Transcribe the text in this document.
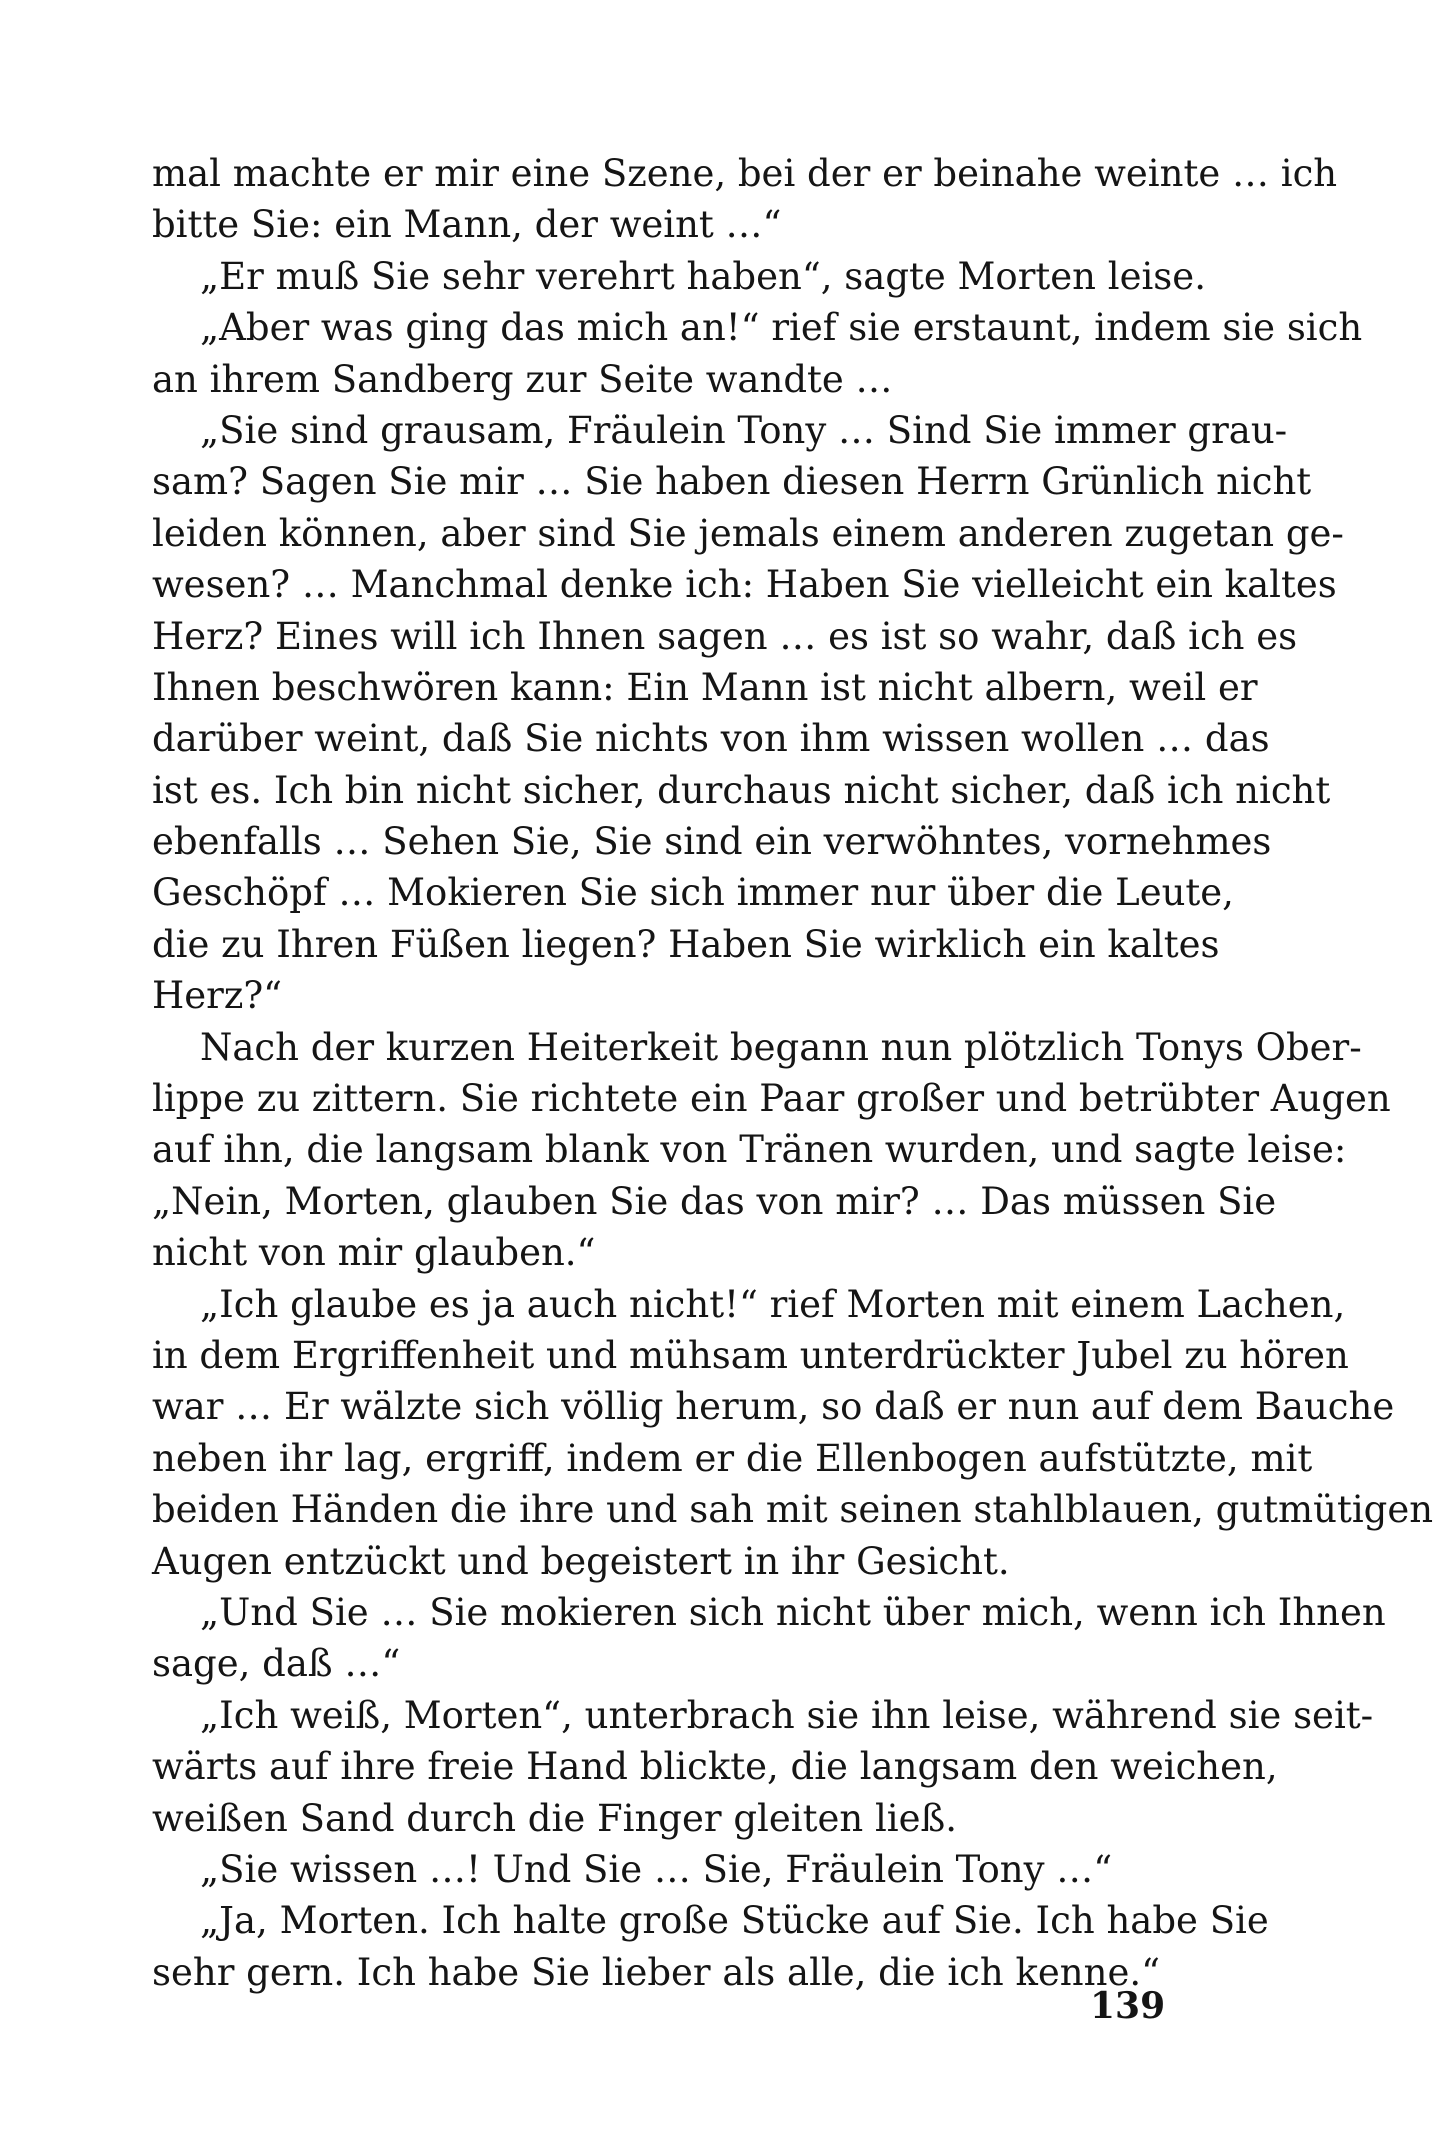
mal machte er mir eine Szene, bei der er beinahe weinte … ich
bitte Sie: ein Mann, der weint …“
„Er muß Sie sehr verehrt haben“, sagte Morten leise.
„Aber was ging das mich an!“ rief sie erstaunt, indem sie sich
an ihrem Sandberg zur Seite wandte …
„Sie sind grausam, Fräulein Tony … Sind Sie immer grau-
sam? Sagen Sie mir … Sie haben diesen Herrn Grünlich nicht
leiden können, aber sind Sie jemals einem anderen zugetan ge-
wesen? … Manchmal denke ich: Haben Sie vielleicht ein kaltes
Herz? Eines will ich Ihnen sagen … es ist so wahr, daß ich es
Ihnen beschwören kann: Ein Mann ist nicht albern, weil er
darüber weint, daß Sie nichts von ihm wissen wollen … das
ist es. Ich bin nicht sicher, durchaus nicht sicher, daß ich nicht
ebenfalls … Sehen Sie, Sie sind ein verwöhntes, vornehmes
Geschöpf … Mokieren Sie sich immer nur über die Leute,
die zu Ihren Füßen liegen? Haben Sie wirklich ein kaltes
Herz?“
Nach der kurzen Heiterkeit begann nun plötzlich Tonys Ober-
lippe zu zittern. Sie richtete ein Paar großer und betrübter Augen
auf ihn, die langsam blank von Tränen wurden, und sagte leise:
„Nein, Morten, glauben Sie das von mir? … Das müssen Sie
nicht von mir glauben.“
„Ich glaube es ja auch nicht!“ rief Morten mit einem Lachen,
in dem Ergriffenheit und mühsam unterdrückter Jubel zu hören
war … Er wälzte sich völlig herum, so daß er nun auf dem Bauche
neben ihr lag, ergriff, indem er die Ellenbogen aufstützte, mit
beiden Händen die ihre und sah mit seinen stahlblauen, gutmütigen
Augen entzückt und begeistert in ihr Gesicht.
„Und Sie … Sie mokieren sich nicht über mich, wenn ich Ihnen
sage, daß …“
„Ich weiß, Morten“, unterbrach sie ihn leise, während sie seit-
wärts auf ihre freie Hand blickte, die langsam den weichen,
weißen Sand durch die Finger gleiten ließ.
„Sie wissen …! Und Sie … Sie, Fräulein Tony …“
„Ja, Morten. Ich halte große Stücke auf Sie. Ich habe Sie
sehr gern. Ich habe Sie lieber als alle, die ich kenne.“
139
